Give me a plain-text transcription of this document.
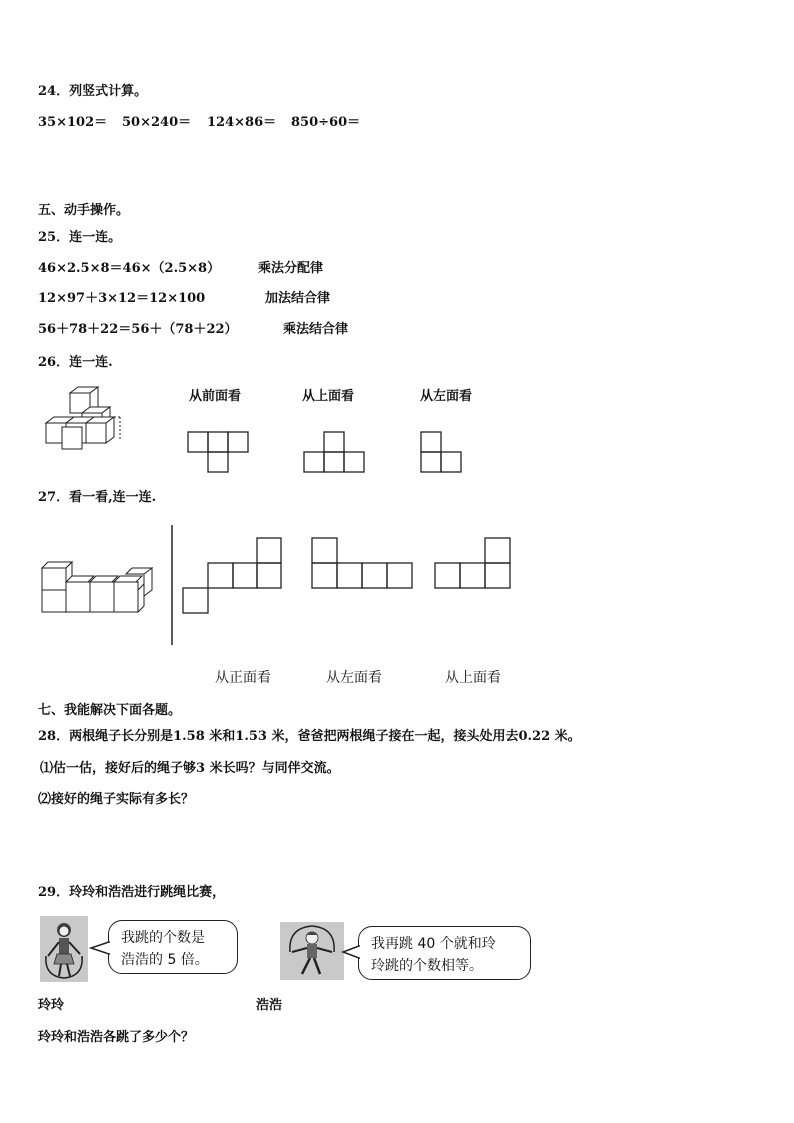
24．列竖式计算。
35×102＝ 50×240＝ 124×86＝ 850÷60＝
五、动手操作。
25．连一连。
46×2.5×8＝46×（2.5×8）	乘法分配律
12×97＋3×12＝12×100	加法结合律
56＋78＋22＝56＋（78＋22）	乘法结合律
26．连一连.
从前面看	从上面看	从左面看
27．看一看,连一连.
从正面看	从左面看	从上面看
七、我能解决下面各题。
28．两根绳子长分别是1.58 米和1.53 米，爸爸把两根绳子接在一起，接头处用去0.22 米。
⑴估一估，接好后的绳子够3 米长吗？与同伴交流。
⑵接好的绳子实际有多长？
29．玲玲和浩浩进行跳绳比赛，
我跳的个数是
浩浩的 5 倍。
我再跳 40 个就和玲
玲跳的个数相等。
玲玲	浩浩
玲玲和浩浩各跳了多少个？
